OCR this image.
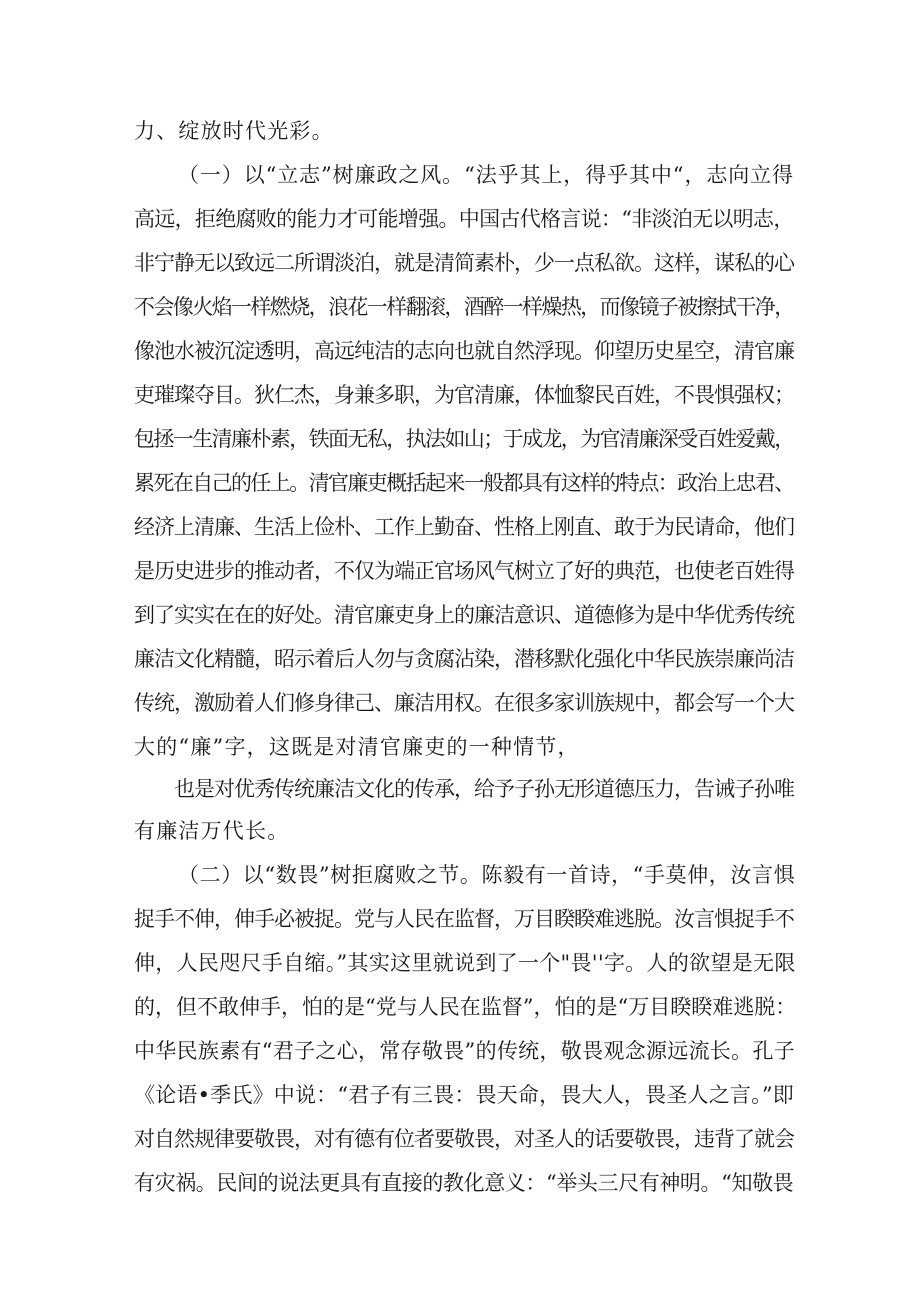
力、绽放时代光彩。
（一）以“立志”树廉政之风。“法乎其上，得乎其中“，志向立得
高远，拒绝腐败的能力才可能增强。中国古代格言说：“非淡泊无以明志，
非宁静无以致远二所谓淡泊，就是清简素朴，少一点私欲。这样，谋私的心
不会像火焰一样燃烧，浪花一样翻滚，酒醉一样燥热，而像镜子被擦拭干净，
像池水被沉淀透明，高远纯洁的志向也就自然浮现。仰望历史星空，清官廉
吏璀璨夺目。狄仁杰，身兼多职，为官清廉，体恤黎民百姓，不畏惧强权；
包拯一生清廉朴素，铁面无私，执法如山；于成龙，为官清廉深受百姓爱戴，
累死在自己的任上。清官廉吏概括起来一般都具有这样的特点：政治上忠君、
经济上清廉、生活上俭朴、工作上勤奋、性格上刚直、敢于为民请命，他们
是历史进步的推动者，不仅为端正官场风气树立了好的典范，也使老百姓得
到了实实在在的好处。清官廉吏身上的廉洁意识、道德修为是中华优秀传统
廉洁文化精髓，昭示着后人勿与贪腐沾染，潜移默化强化中华民族崇廉尚洁
传统，激励着人们修身律己、廉洁用权。在很多家训族规中，都会写一个大
大的“廉”字，这既是对清官廉吏的一种情节，
也是对优秀传统廉洁文化的传承，给予子孙无形道德压力，告诫子孙唯
有廉洁万代长。
（二）以“数畏”树拒腐败之节。陈毅有一首诗，“手莫伸，汝言惧
捉手不伸，伸手必被捉。党与人民在监督，万目睽睽难逃脱。汝言惧捉手不
伸，人民咫尺手自缩。”其实这里就说到了一个"畏''字。人的欲望是无限
的，但不敢伸手，怕的是“党与人民在监督”，怕的是“万目睽睽难逃脱：
中华民族素有“君子之心，常存敬畏”的传统，敬畏观念源远流长。孔子
《论语•季氏》中说：“君子有三畏：畏天命，畏大人，畏圣人之言。”即
对自然规律要敬畏，对有德有位者要敬畏，对圣人的话要敬畏，违背了就会
有灾祸。民间的说法更具有直接的教化意义：“举头三尺有神明。“知敬畏
